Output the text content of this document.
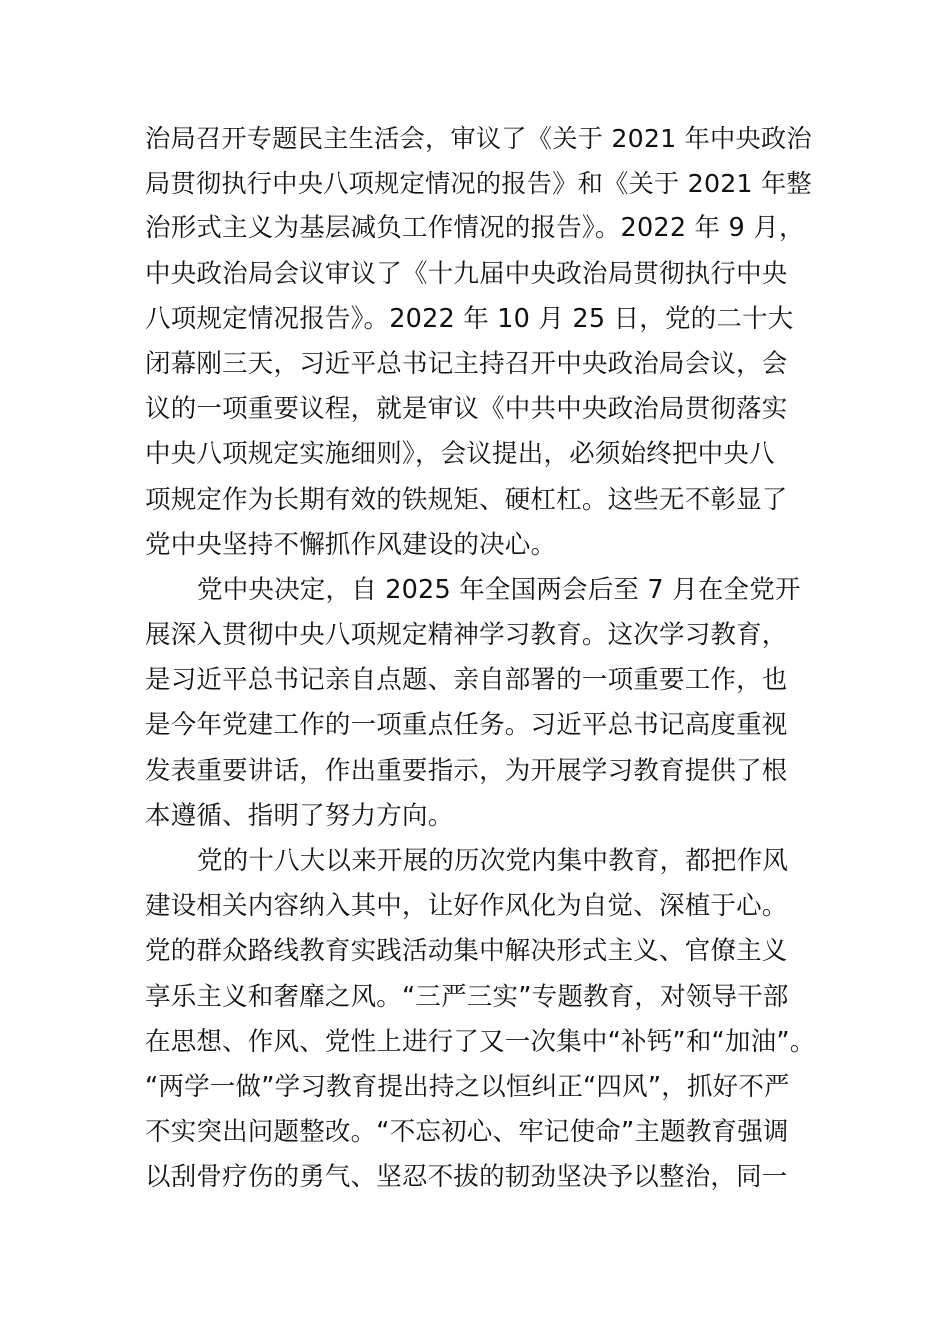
治局召开专题民主生活会，审议了《关于 2021 年中央政治
局贯彻执行中央八项规定情况的报告》和《关于 2021 年整
治形式主义为基层减负工作情况的报告》。2022 年 9 月，
中央政治局会议审议了《十九届中央政治局贯彻执行中央
八项规定情况报告》。2022 年 10 月 25 日，党的二十大
闭幕刚三天，习近平总书记主持召开中央政治局会议，会
议的一项重要议程，就是审议《中共中央政治局贯彻落实
中央八项规定实施细则》，会议提出，必须始终把中央八
项规定作为长期有效的铁规矩、硬杠杠。这些无不彰显了
党中央坚持不懈抓作风建设的决心。
党中央决定，自 2025 年全国两会后至 7 月在全党开
展深入贯彻中央八项规定精神学习教育。这次学习教育，
是习近平总书记亲自点题、亲自部署的一项重要工作，也
是今年党建工作的一项重点任务。习近平总书记高度重视
发表重要讲话，作出重要指示，为开展学习教育提供了根
本遵循、指明了努力方向。
党的十八大以来开展的历次党内集中教育，都把作风
建设相关内容纳入其中，让好作风化为自觉、深植于心。
党的群众路线教育实践活动集中解决形式主义、官僚主义
享乐主义和奢靡之风。“三严三实”专题教育，对领导干部
在思想、作风、党性上进行了又一次集中“补钙”和“加油”。
“两学一做”学习教育提出持之以恒纠正“四风”，抓好不严
不实突出问题整改。“不忘初心、牢记使命”主题教育强调
以刮骨疗伤的勇气、坚忍不拔的韧劲坚决予以整治，同一
